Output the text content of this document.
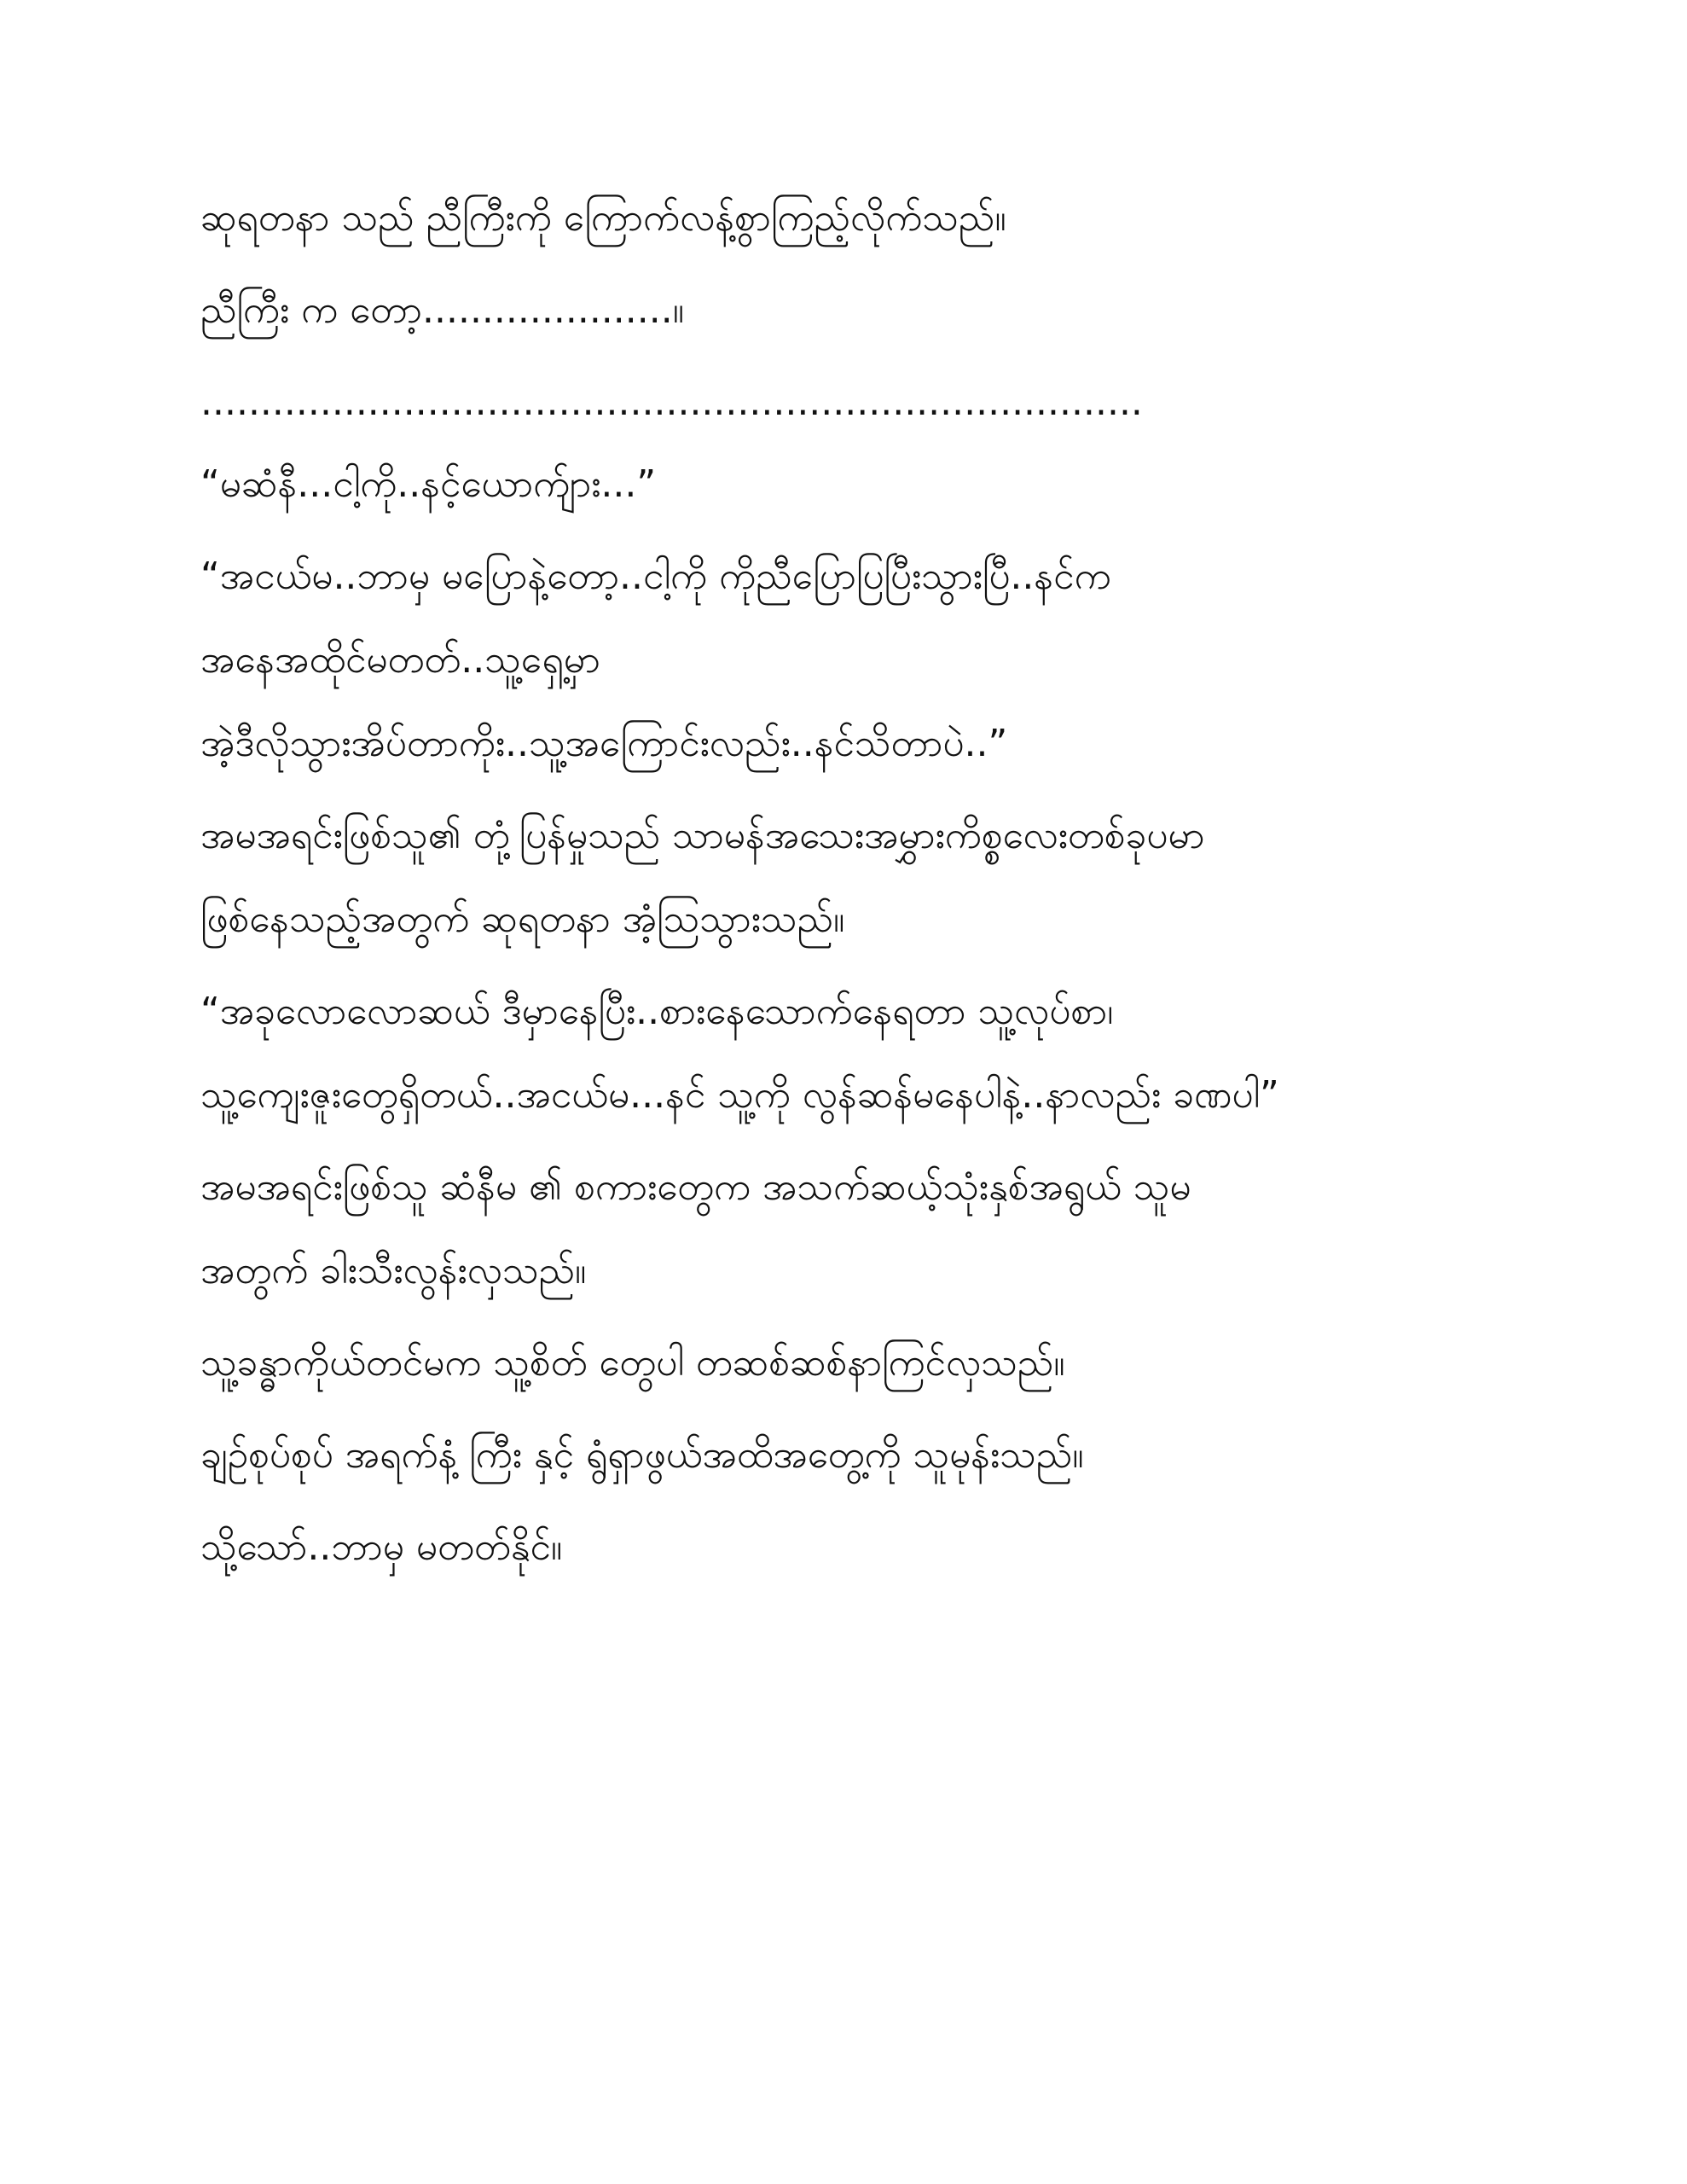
ဆုရတနာ သည် ညီကြီးကို ကြောက်လန့်စွာကြည့်လိုက်သည်။

ညီကြီး က တော့.....................။

...............................................................................

“မဆံနီ...ငါ့ကို..နင့်ယောက်ျား...”

“အငယ်မ..ဘာမှ မပြောနဲ့တော့..ငါ့ကို ကိုညီပြောပြပြီးသွားပြီ..နင်က

အနေအထိုင်မတတ်..သူ့ရှေ့မှာ

အဲ့ဒီလိုသွားအိပ်တာကိုး..သူ့အကြောင်းလည်း..နင်သိတာပဲ..”

အမအရင်းဖြစ်သူ၏ တုံ့ပြန်မှုသည် သာမန်အသေးအမွှားကိစ္စလေးတစ်ခုပမာ

ဖြစ်နေသည့်အတွက် ဆုရတနာ အံ့သြသွားသည်။

“အခုလောလောဆယ် ဒီမှာနေပြီး..စားနေသောက်နေရတာ သူ့လုပ်စာ၊

သူ့ကျေးဇူးတွေရှိတယ်..အငယ်မ...နင် သူ့ကို လွန်ဆန်မနေပါနဲ့..နာလည်း ခဏပါ”

အမအရင်းဖြစ်သူ ဆံနီမ ၏ စကားတွေက အသက်ဆယ့်သုံးနှစ်အရွယ် သူမ

အတွက် ခါးသီးလွန်းလှသည်။

သူ့ခန္ဓာကိုယ်တင်မက သူ့စိတ် တွေပါ တဆစ်ဆစ်နာကြင်လှသည်။

ချဉ်စုပ်စုပ် အရက်နံ့ ကြီး နှင့် ရွံရှာဖွယ်အထိအတွေ့ကို သူမုန်းသည်။

သို့သော်..ဘာမှ မတတ်နိုင်။
